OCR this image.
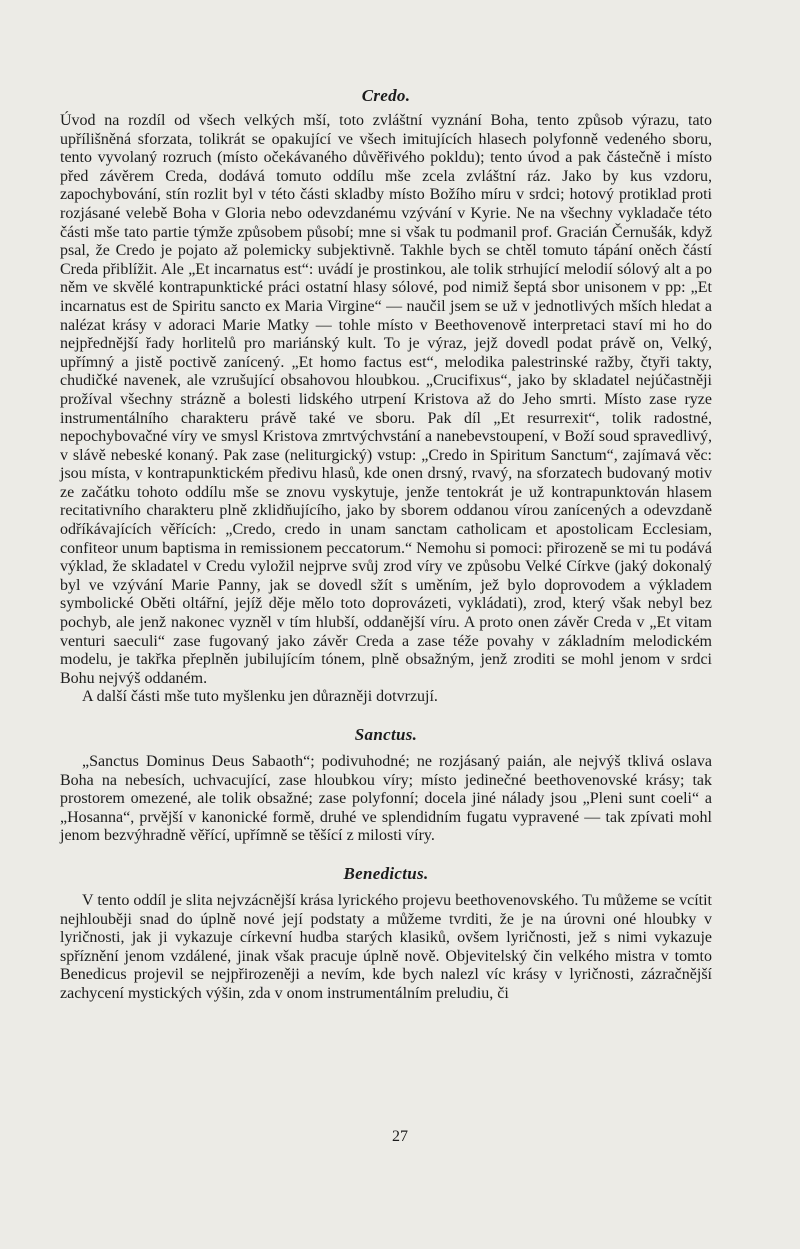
Credo.

Úvod na rozdíl od všech velkých mší, toto zvláštní vyznání Boha, tento způsob výrazu, tato upřílišněná sforzata, tolikrát se opakující ve všech imitujících hlasech polyfonně vedeného sboru, tento vyvolaný rozruch (místo očekávaného důvěřivého pokldu); tento úvod a pak částečně i místo před závěrem Creda, dodává tomuto oddílu mše zcela zvláštní ráz. Jako by kus vzdoru, zapochybování, stín rozlit byl v této části skladby místo Božího míru v srdci; hotový protiklad proti rozjásané velebě Boha v Gloria nebo odevzdanému vzývání v Kyrie. Ne na všechny vykladače této části mše tato partie týmže způsobem působí; mne si však tu podmanil prof. Gracián Černušák, když psal, že Credo je pojato až polemicky subjektivně. Takhle bych se chtěl tomuto tápání oněch částí Creda přiblížit. Ale „Et incarnatus est“: uvádí je prostinkou, ale tolik strhující melodií sólový alt a po něm ve skvělé kontrapunktické práci ostatní hlasy sólové, pod nimiž šeptá sbor unisonem v pp: „Et incarnatus est de Spiritu sancto ex Maria Virgine“ — naučil jsem se už v jednotlivých mších hledat a nalézat krásy v adoraci Marie Matky — tohle místo v Beethovenově interpretaci staví mi ho do nejpřednější řady horlitelů pro mariánský kult. To je výraz, jejž dovedl podat právě on, Velký, upřímný a jistě poctivě zanícený. „Et homo factus est“, melodika palestrinské ražby, čtyři takty, chudičké navenek, ale vzrušující obsahovou hloubkou. „Crucifixus“, jako by skladatel nejúčastněji prožíval všechny strázně a bolesti lidského utrpení Kristova až do Jeho smrti. Místo zase ryze instrumentálního charakteru právě také ve sboru. Pak díl „Et resurrexit“, tolik radostné, nepochybovačné víry ve smysl Kristova zmrtvýchvstání a nanebevstoupení, v Boží soud spravedlivý, v slávě nebeské konaný. Pak zase (neliturgický) vstup: „Credo in Spiritum Sanctum“, zajímavá věc: jsou místa, v kontrapunktickém předivu hlasů, kde onen drsný, rvavý, na sforzatech budovaný motiv ze začátku tohoto oddílu mše se znovu vyskytuje, jenže tentokrát je už kontrapunktován hlasem recitativního charakteru plně zklidňujícího, jako by sborem oddanou vírou zanícených a odevzdaně odříkávajících věřících: „Credo, credo in unam sanctam catholicam et apostolicam Ecclesiam, confiteor unum baptisma in remissionem peccatorum.“ Nemohu si pomoci: přirozeně se mi tu podává výklad, že skladatel v Credu vyložil nejprve svůj zrod víry ve způsobu Velké Církve (jaký dokonalý byl ve vzývání Marie Panny, jak se dovedl sžít s uměním, jež bylo doprovodem a výkladem symbolické Oběti oltářní, jejíž děje mělo toto doprovázeti, vykládati), zrod, který však nebyl bez pochyb, ale jenž nakonec vyzněl v tím hlubší, oddanější víru. A proto onen závěr Creda v „Et vitam venturi saeculi“ zase fugovaný jako závěr Creda a zase téže povahy v základním melodickém modelu, je takřka přeplněn jubilujícím tónem, plně obsažným, jenž zroditi se mohl jenom v srdci Bohu nejvýš oddaném.

A další části mše tuto myšlenku jen důrazněji dotvrzují.

Sanctus.

„Sanctus Dominus Deus Sabaoth“; podivuhodné; ne rozjásaný paián, ale nejvýš tklivá oslava Boha na nebesích, uchvacující, zase hloubkou víry; místo jedinečné beethovenovské krásy; tak prostorem omezené, ale tolik obsažné; zase polyfonní; docela jiné nálady jsou „Pleni sunt coeli“ a „Hosanna“, prvější v kanonické formě, druhé ve splendidním fugatu vypravené — tak zpívati mohl jenom bezvýhradně věřící, upřímně se těšící z milosti víry.

Benedictus.

V tento oddíl je slita nejvzácnější krása lyrického projevu beethovenovského. Tu můžeme se vcítit nejhlouběji snad do úplně nové její podstaty a můžeme tvrditi, že je na úrovni oné hloubky v lyričnosti, jak ji vykazuje církevní hudba starých klasiků, ovšem lyričnosti, jež s nimi vykazuje spříznění jenom vzdálené, jinak však pracuje úplně nově. Objevitelský čin velkého mistra v tomto Benedicus projevil se nejpřirozeněji a nevím, kde bych nalezl víc krásy v lyričnosti, zázračnější zachycení mystických výšin, zda v onom instrumentálním preludiu, či

27
